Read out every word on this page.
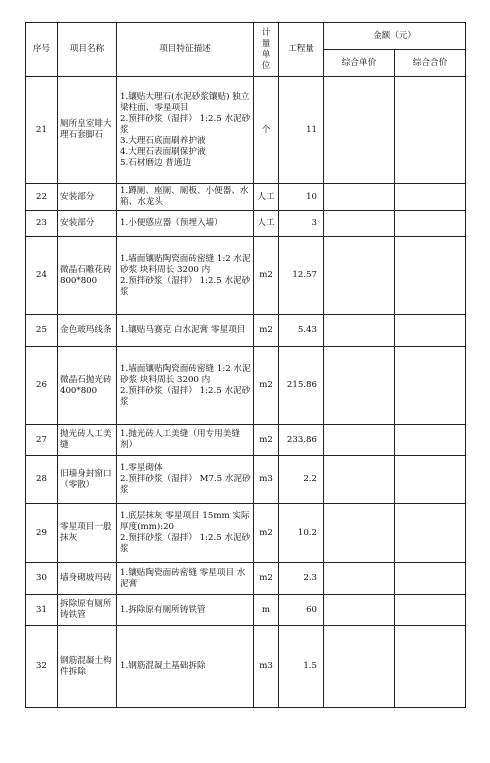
序号	项目名称	项目特征描述	计
量
单
位	工程量	金额（元）	
					综合单价	综合合价
21	厕所皇室啡大理石套脚石	1.镶贴大理石(水泥砂浆镶贴) 独立梁柱面、零星项目
2.预拌砂浆（湿拌） 1:2.5 水泥砂浆
3.大理石底面刷养护液
4.大理石表面刷保护液
5.石材磨边 普通边	个	11		
22	安装部分	1.蹲厕、座厕、厕板、小便器、水箱、水龙头	人工	10		
23	安装部分	1.小便感应器（预埋入墙）	人工	3		
24	微晶石雕花砖 800*800	1.墙面镶贴陶瓷面砖密缝 1:2 水泥砂浆 块料周长 3200 内
2.预拌砂浆（湿拌） 1:2.5 水泥砂浆	m2	12.57		
25	金色玻玛线条	1.镶贴马赛克 白水泥膏 零星项目	m2	5.43		
26	微晶石抛光砖 400*800	1.墙面镶贴陶瓷面砖密缝 1:2 水泥砂浆 块料周长 3200 内
2.预拌砂浆（湿拌） 1:2.5 水泥砂浆	m2	215.86		
27	抛光砖人工美缝	1.抛光砖人工美缝（用专用美缝剂）	m2	233.86		
28	旧墙身封窗口（零散）	1.零星砌体
2.预拌砂浆（湿拌） M7.5 水泥砂浆	m3	2.2		
29	零星项目一般抹灰	1.底层抹灰 零星项目 15mm 实际厚度(mm):20
2.预拌砂浆（湿拌） 1:2.5 水泥砂浆	m2	10.2		
30	墙身砌坡玛砖	1.镶贴陶瓷面砖密缝 零星项目 水泥膏	m2	2.3		
31	拆除原有厕所铸铁管	1.拆除原有厕所铸铁管	m	60		
32	钢筋混凝土构件拆除	1.钢筋混凝土基础拆除	m3	1.5		
